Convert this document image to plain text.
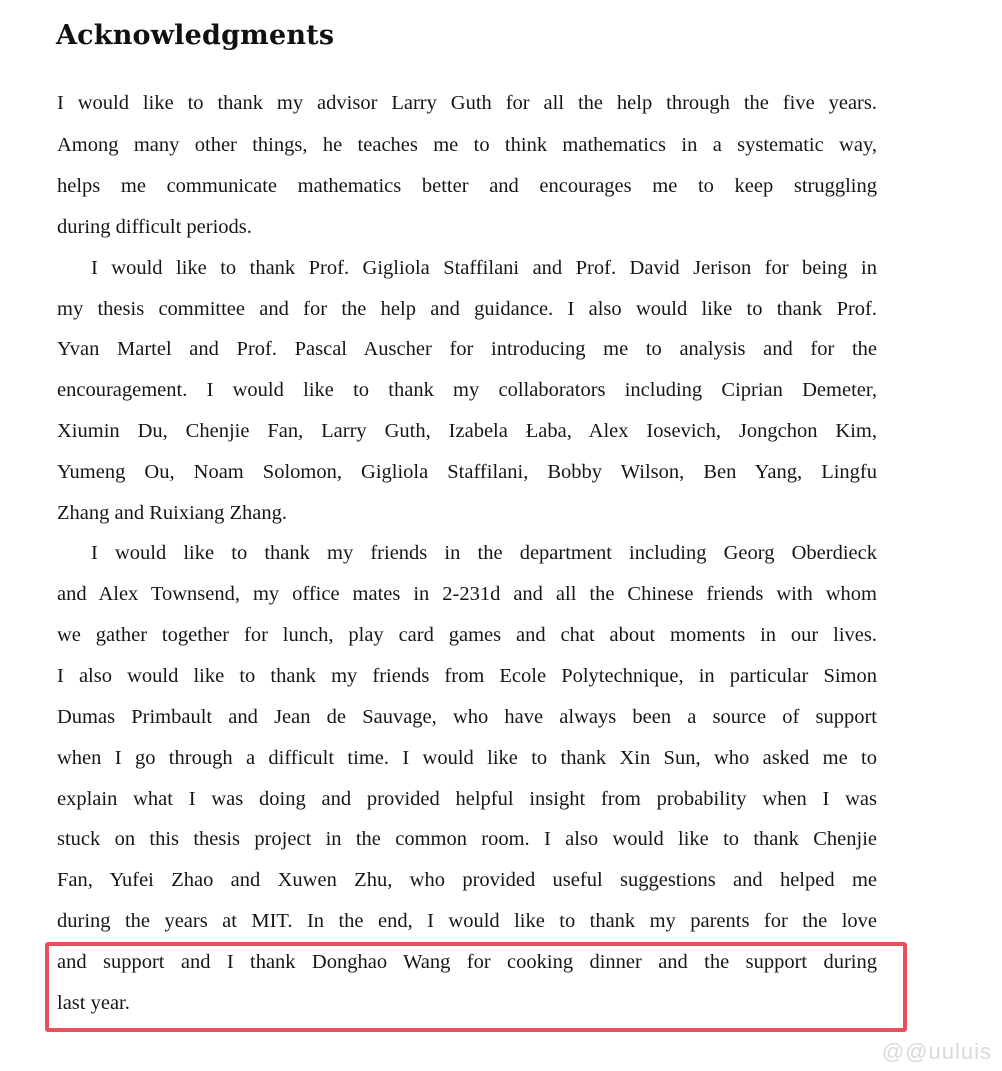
Acknowledgments

I would like to thank my advisor Larry Guth for all the help through the five years.

Among many other things, he teaches me to think mathematics in a systematic way,

helps me communicate mathematics better and encourages me to keep struggling

during difficult periods.

I would like to thank Prof. Gigliola Staffilani and Prof. David Jerison for being in

my thesis committee and for the help and guidance. I also would like to thank Prof.

Yvan Martel and Prof. Pascal Auscher for introducing me to analysis and for the

encouragement. I would like to thank my collaborators including Ciprian Demeter,

Xiumin Du, Chenjie Fan, Larry Guth, Izabela Łaba, Alex Iosevich, Jongchon Kim,

Yumeng Ou, Noam Solomon, Gigliola Staffilani, Bobby Wilson, Ben Yang, Lingfu

Zhang and Ruixiang Zhang.

I would like to thank my friends in the department including Georg Oberdieck

and Alex Townsend, my office mates in 2-231d and all the Chinese friends with whom

we gather together for lunch, play card games and chat about moments in our lives.

I also would like to thank my friends from Ecole Polytechnique, in particular Simon

Dumas Primbault and Jean de Sauvage, who have always been a source of support

when I go through a difficult time. I would like to thank Xin Sun, who asked me to

explain what I was doing and provided helpful insight from probability when I was

stuck on this thesis project in the common room. I also would like to thank Chenjie

Fan, Yufei Zhao and Xuwen Zhu, who provided useful suggestions and helped me

during the years at MIT. In the end, I would like to thank my parents for the love

and support and I thank Donghao Wang for cooking dinner and the support during

last year.

@@uuluis
